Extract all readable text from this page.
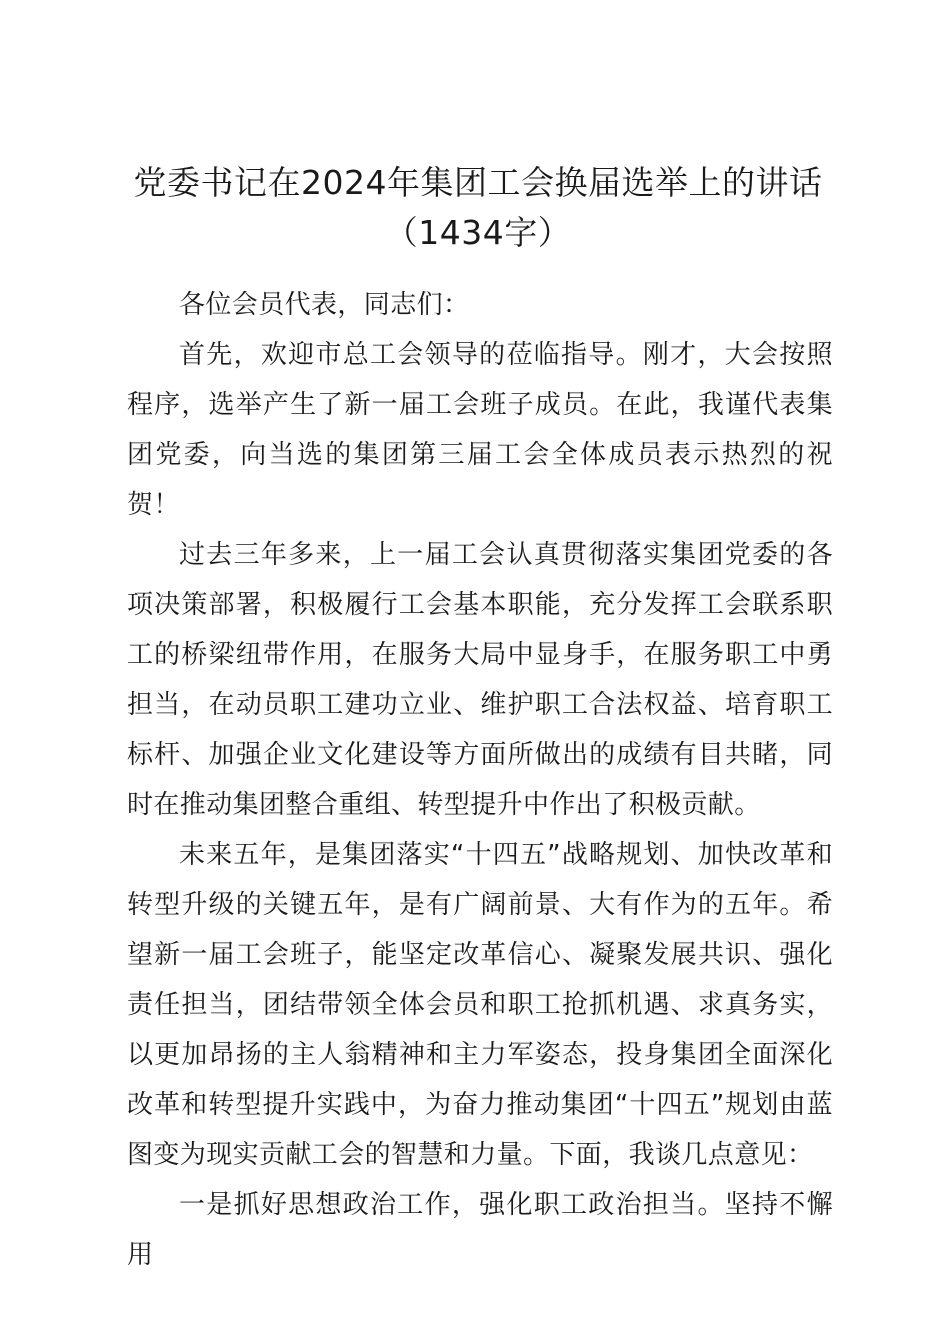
党委书记在2024年集团工会换届选举上的讲话（1434字）

各位会员代表，同志们：

首先，欢迎市总工会领导的莅临指导。刚才，大会按照程序，选举产生了新一届工会班子成员。在此，我谨代表集团党委，向当选的集团第三届工会全体成员表示热烈的祝贺！

过去三年多来，上一届工会认真贯彻落实集团党委的各项决策部署，积极履行工会基本职能，充分发挥工会联系职工的桥梁纽带作用，在服务大局中显身手，在服务职工中勇担当，在动员职工建功立业、维护职工合法权益、培育职工标杆、加强企业文化建设等方面所做出的成绩有目共睹，同时在推动集团整合重组、转型提升中作出了积极贡献。

未来五年，是集团落实“十四五”战略规划、加快改革和转型升级的关键五年，是有广阔前景、大有作为的五年。希望新一届工会班子，能坚定改革信心、凝聚发展共识、强化责任担当，团结带领全体会员和职工抢抓机遇、求真务实，以更加昂扬的主人翁精神和主力军姿态，投身集团全面深化改革和转型提升实践中，为奋力推动集团“十四五”规划由蓝图变为现实贡献工会的智慧和力量。下面，我谈几点意见：

一是抓好思想政治工作，强化职工政治担当。坚持不懈用
